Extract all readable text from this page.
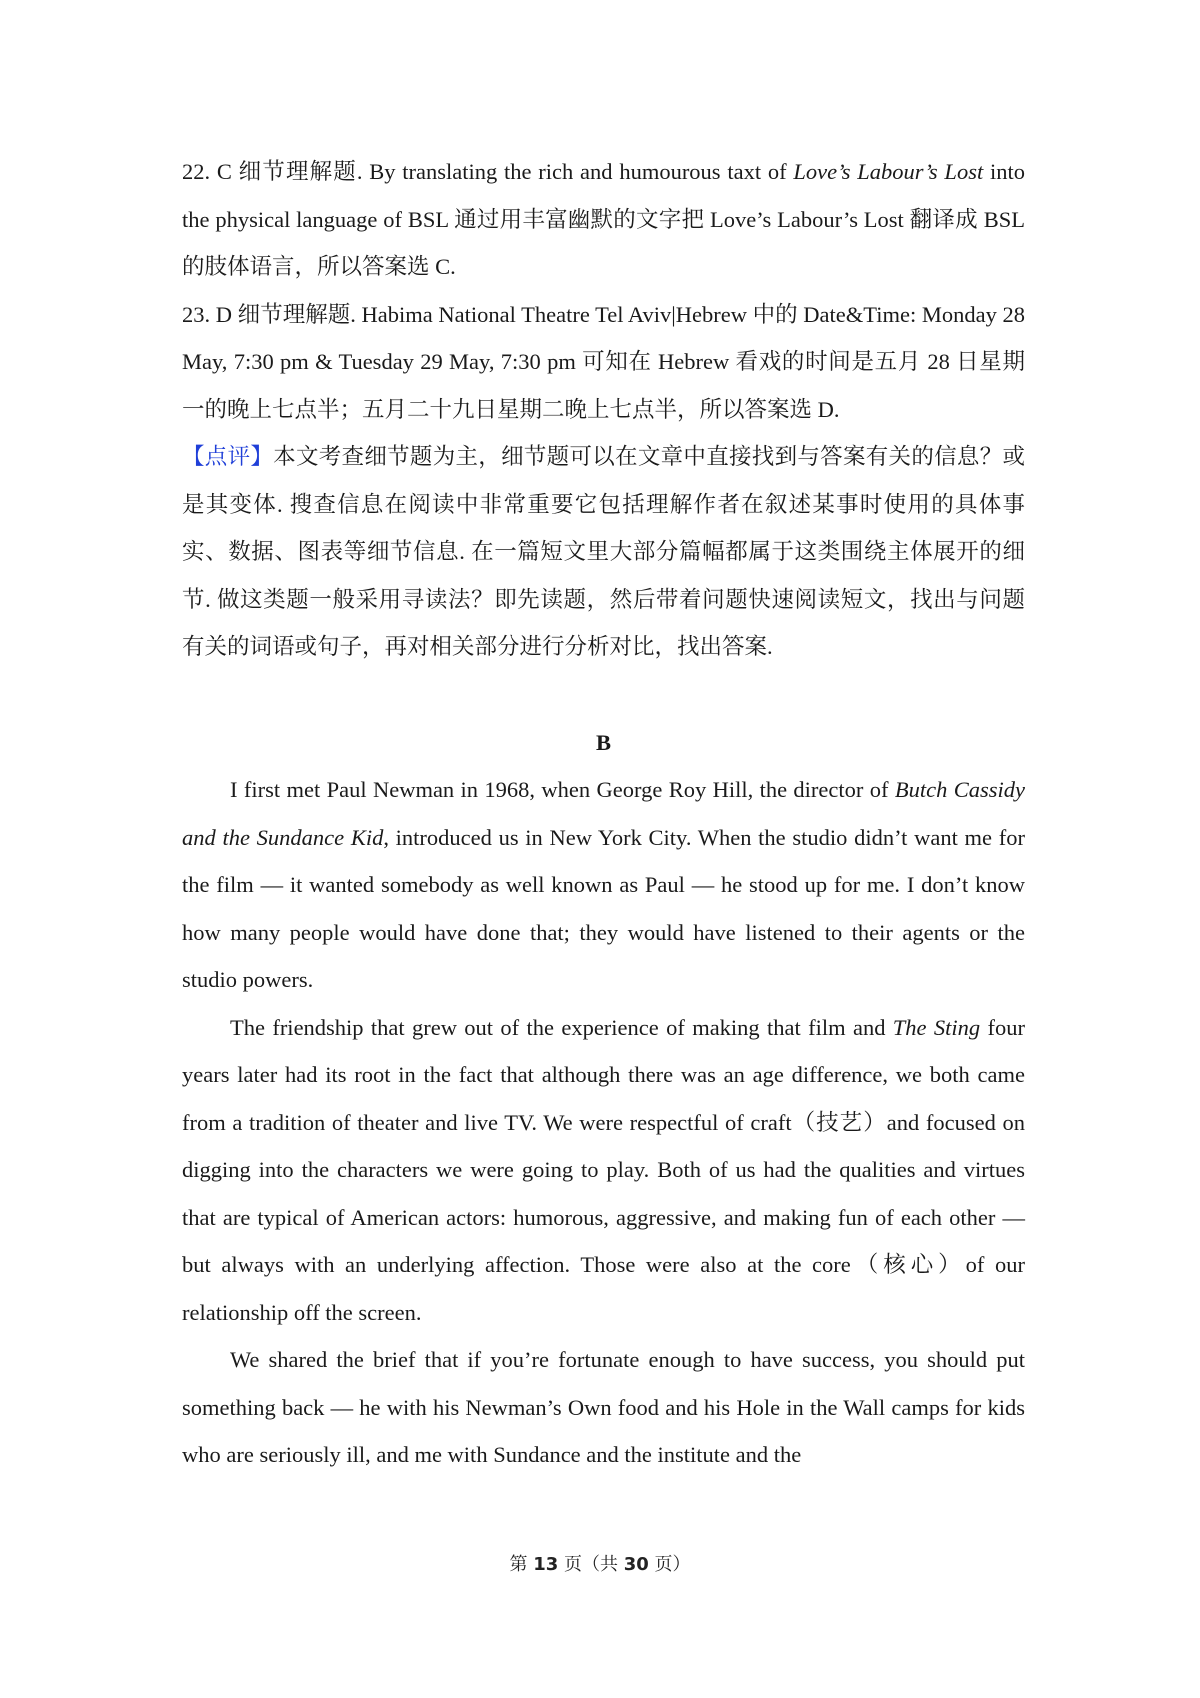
22. C 细节理解题. By translating the rich and humourous taxt of Love’s Labour’s Lost into the physical language of BSL 通过用丰富幽默的文字把 Love’s Labour’s Lost 翻译成 BSL 的肢体语言，所以答案选 C.

23. D 细节理解题. Habima National Theatre Tel Aviv|Hebrew 中的 Date&Time: Monday 28 May, 7:30 pm & Tuesday 29 May, 7:30 pm 可知在 Hebrew 看戏的时间是五月 28 日星期一的晚上七点半；五月二十九日星期二晚上七点半，所以答案选 D.

【点评】本文考查细节题为主，细节题可以在文章中直接找到与答案有关的信息？或是其变体. 搜查信息在阅读中非常重要它包括理解作者在叙述某事时使用的具体事实、数据、图表等细节信息. 在一篇短文里大部分篇幅都属于这类围绕主体展开的细节. 做这类题一般采用寻读法？即先读题，然后带着问题快速阅读短文，找出与问题有关的词语或句子，再对相关部分进行分析对比，找出答案.

B

I first met Paul Newman in 1968, when George Roy Hill, the director of Butch Cassidy and the Sundance Kid, introduced us in New York City. When the studio didn’t want me for the film — it wanted somebody as well known as Paul — he stood up for me. I don’t know how many people would have done that; they would have listened to their agents or the studio powers.

The friendship that grew out of the experience of making that film and The Sting four years later had its root in the fact that although there was an age difference, we both came from a tradition of theater and live TV. We were respectful of craft（技艺）and focused on digging into the characters we were going to play. Both of us had the qualities and virtues that are typical of American actors: humorous, aggressive, and making fun of each other — but always with an underlying affection. Those were also at the core（核心）of our relationship off the screen.

We shared the brief that if you’re fortunate enough to have success, you should put something back — he with his Newman’s Own food and his Hole in the Wall camps for kids who are seriously ill, and me with Sundance and the institute and the

第 13 页（共 30 页）
